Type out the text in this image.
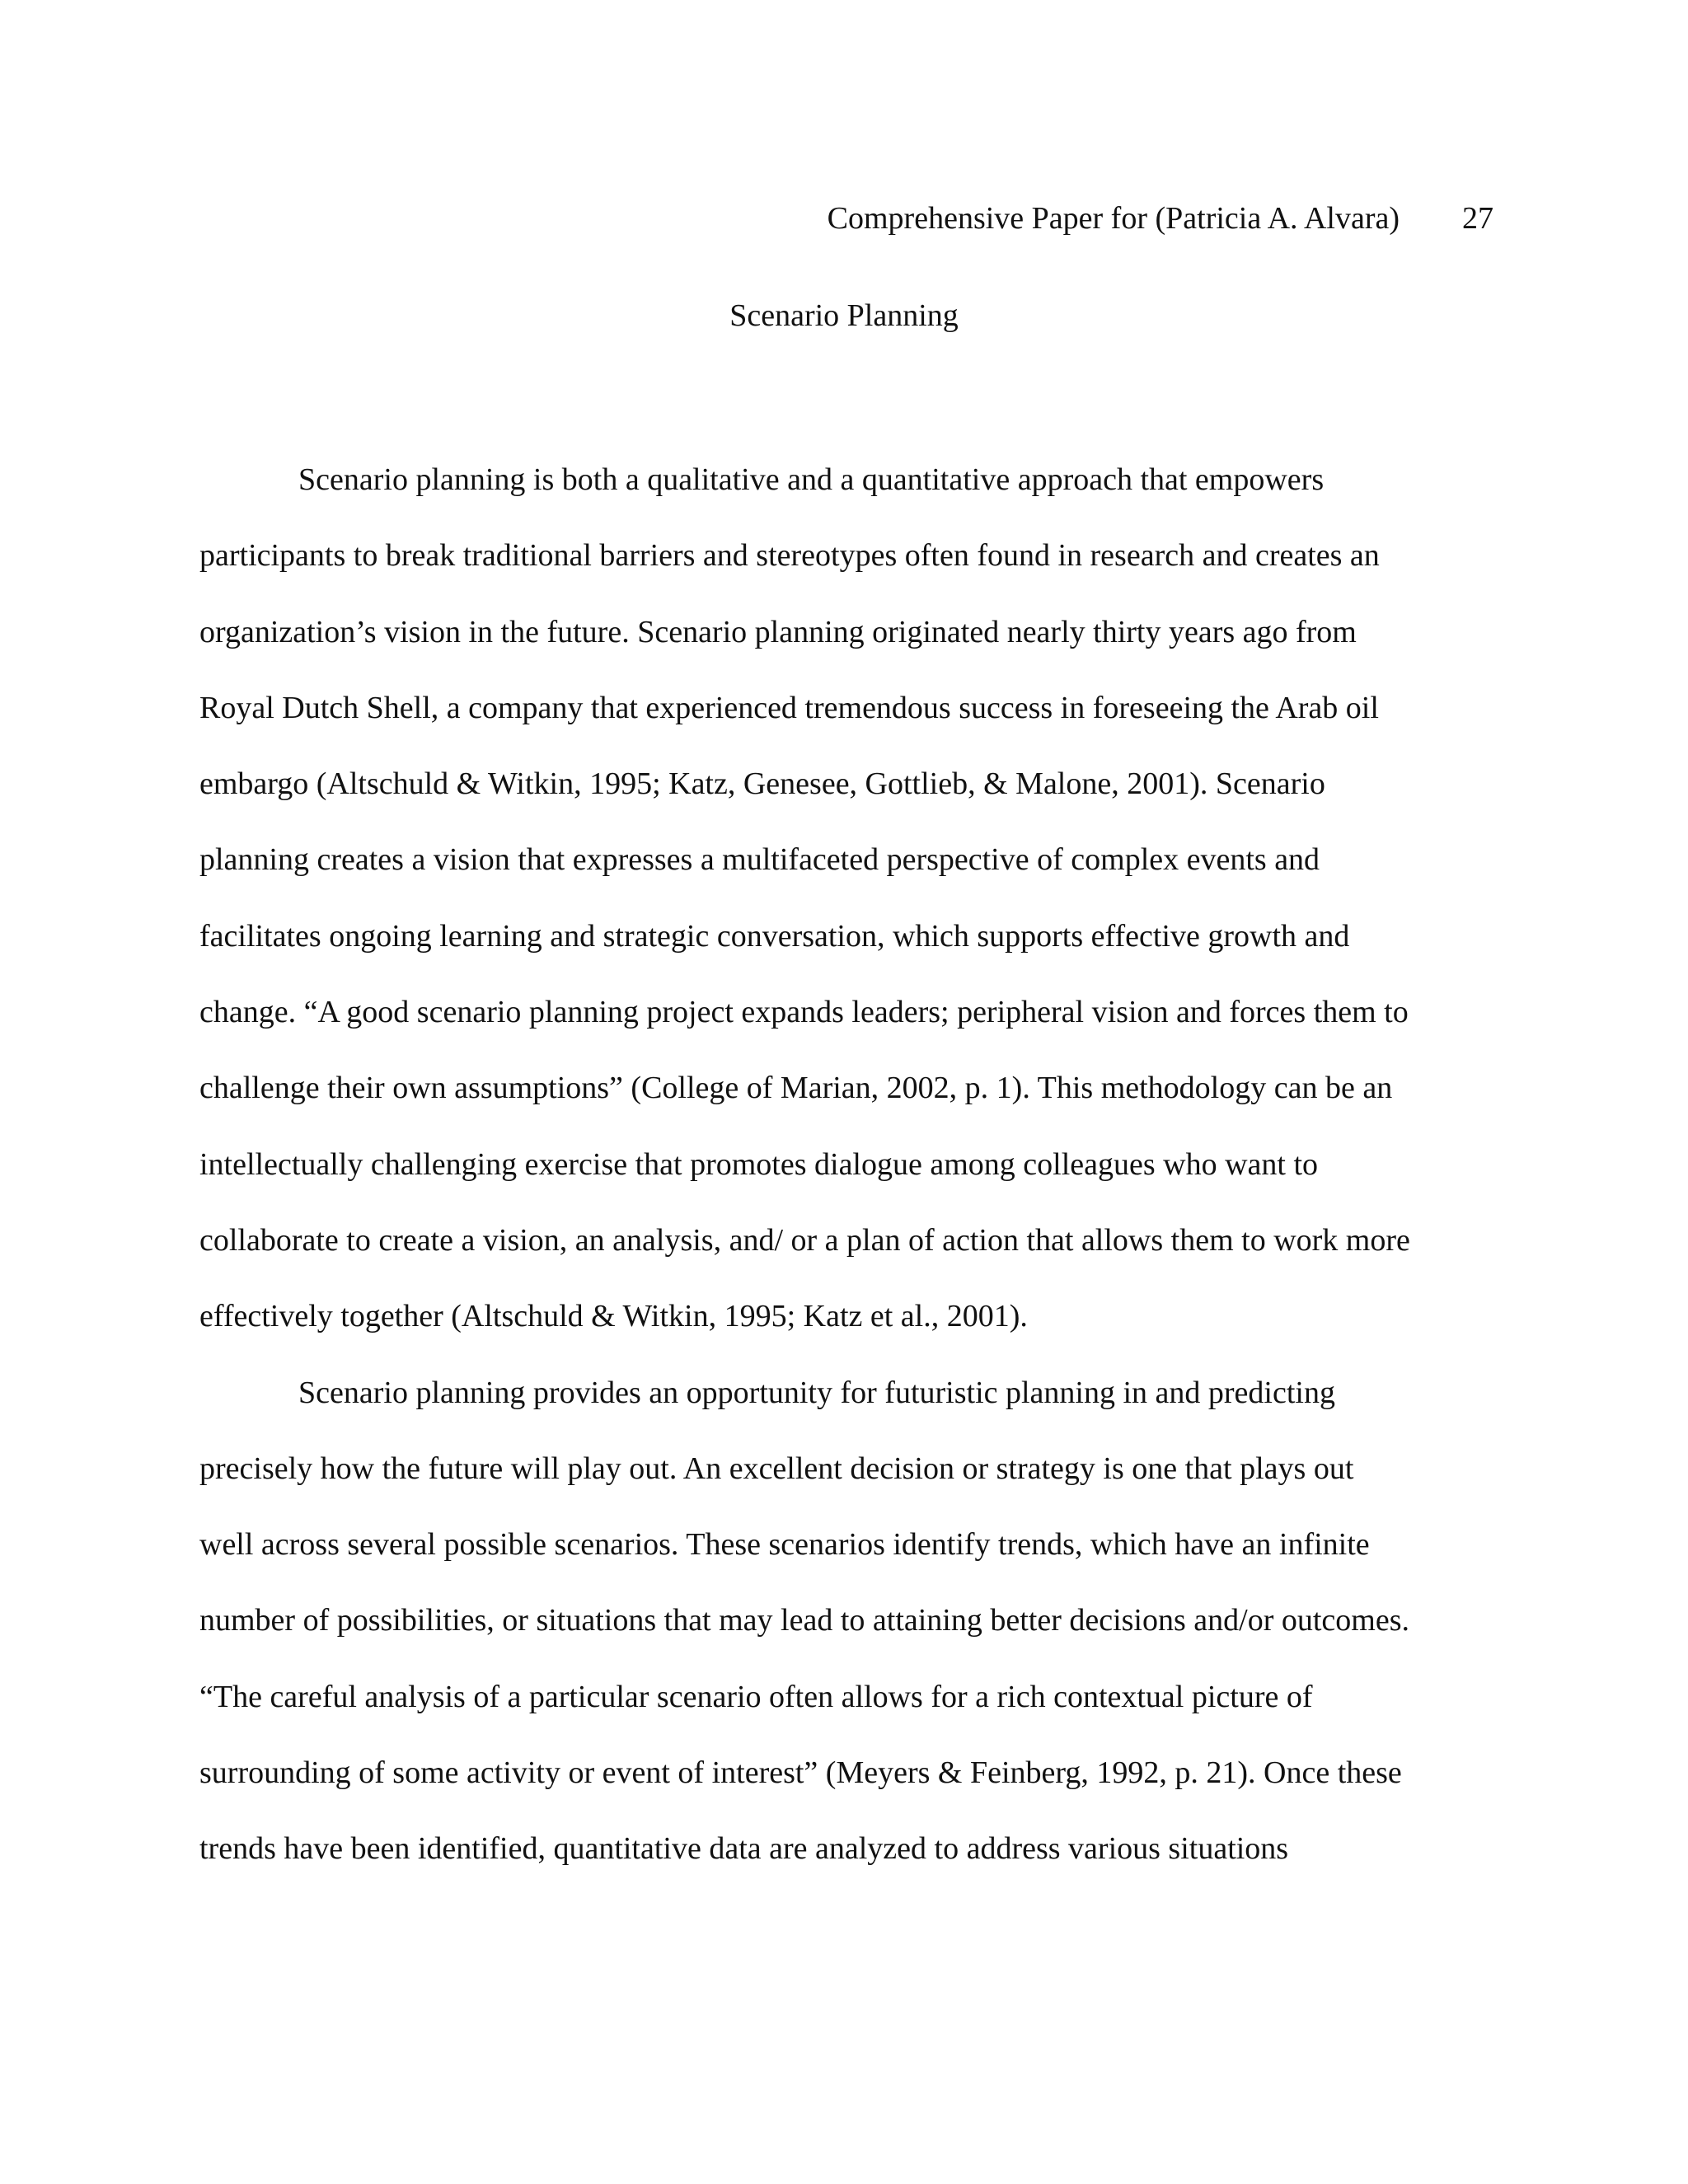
Comprehensive Paper for (Patricia A. Alvara) 27
Scenario Planning

Scenario planning is both a qualitative and a quantitative approach that empowers
participants to break traditional barriers and stereotypes often found in research and creates an
organization’s vision in the future. Scenario planning originated nearly thirty years ago from
Royal Dutch Shell, a company that experienced tremendous success in foreseeing the Arab oil
embargo (Altschuld & Witkin, 1995; Katz, Genesee, Gottlieb, & Malone, 2001). Scenario
planning creates a vision that expresses a multifaceted perspective of complex events and
facilitates ongoing learning and strategic conversation, which supports effective growth and
change. “A good scenario planning project expands leaders; peripheral vision and forces them to
challenge their own assumptions” (College of Marian, 2002, p. 1). This methodology can be an
intellectually challenging exercise that promotes dialogue among colleagues who want to
collaborate to create a vision, an analysis, and/ or a plan of action that allows them to work more
effectively together (Altschuld & Witkin, 1995; Katz et al., 2001).

Scenario planning provides an opportunity for futuristic planning in and predicting
precisely how the future will play out. An excellent decision or strategy is one that plays out
well across several possible scenarios. These scenarios identify trends, which have an infinite
number of possibilities, or situations that may lead to attaining better decisions and/or outcomes.
“The careful analysis of a particular scenario often allows for a rich contextual picture of
surrounding of some activity or event of interest” (Meyers & Feinberg, 1992, p. 21). Once these
trends have been identified, quantitative data are analyzed to address various situations
